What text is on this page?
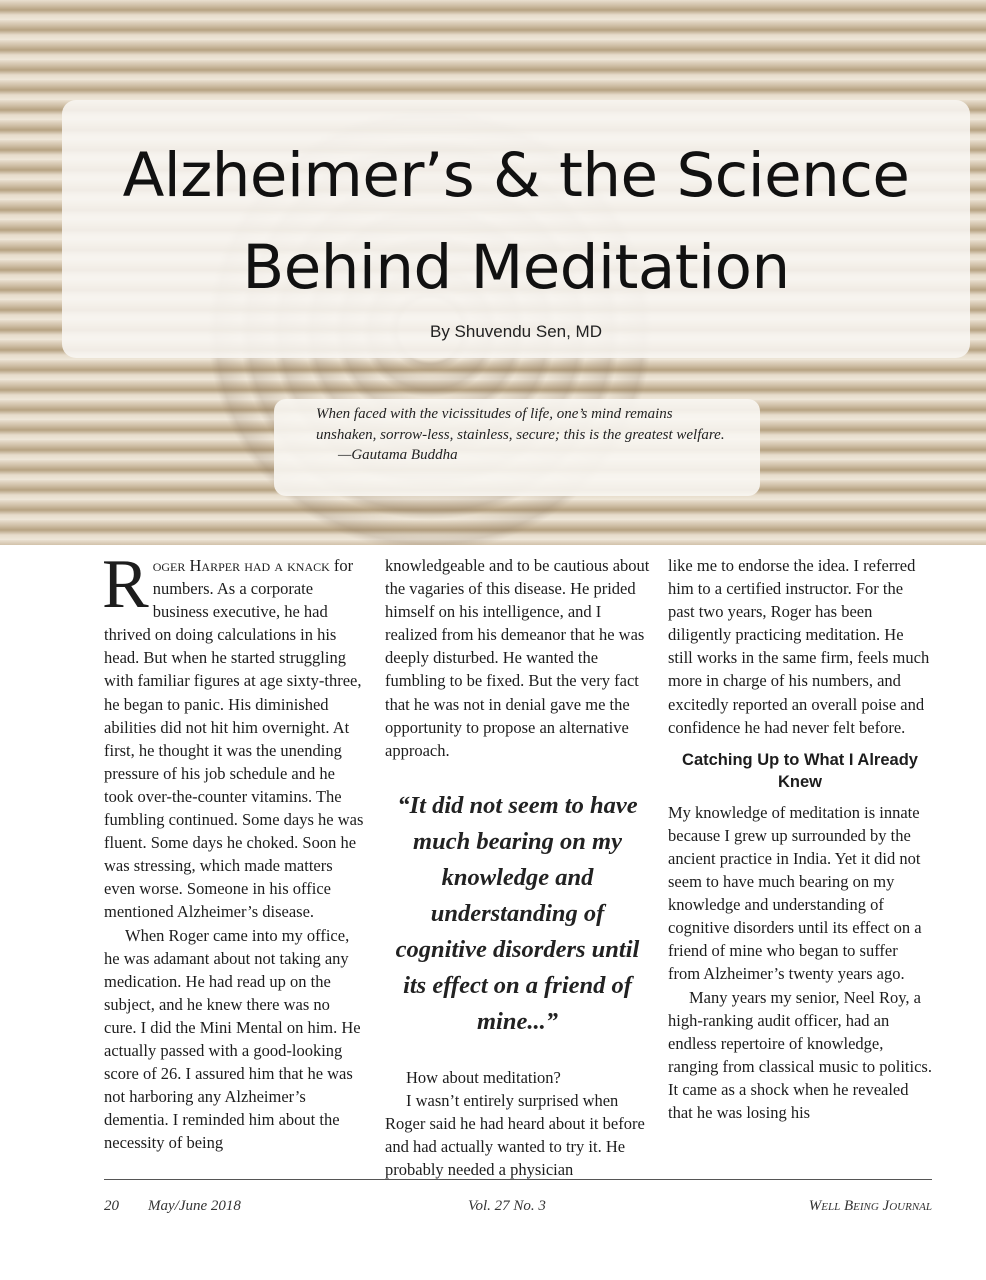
Alzheimer’s & the Science
Behind Meditation
By Shuvendu Sen, MD
When faced with the vicissitudes of life, one’s mind remains unshaken, sorrow-less, stainless, secure; this is the greatest welfare.
—Gautama Buddha

Roger Harper had a knack for numbers. As a corporate business executive, he had thrived on doing calculations in his head. But when he started struggling with familiar figures at age sixty-three, he began to panic. His diminished abilities did not hit him overnight. At first, he thought it was the unending pressure of his job schedule and he took over-the-counter vitamins. The fumbling continued. Some days he was fluent. Some days he choked. Soon he was stressing, which made matters even worse. Someone in his office mentioned Alzheimer’s disease.

When Roger came into my office, he was adamant about not taking any medication. He had read up on the subject, and he knew there was no cure. I did the Mini Mental on him. He actually passed with a good-looking score of 26. I assured him that he was not harboring any Alzheimer’s dementia. I reminded him about the necessity of being

knowledgeable and to be cautious about the vagaries of this disease. He prided himself on his intelligence, and I realized from his demeanor that he was deeply disturbed. He wanted the fumbling to be fixed. But the very fact that he was not in denial gave me the opportunity to propose an alternative approach.

“It did not seem to have much bearing on my knowledge and understanding of cognitive disorders until its effect on a friend of mine...”

How about meditation?

I wasn’t entirely surprised when Roger said he had heard about it before and had actually wanted to try it. He probably needed a physician

like me to endorse the idea. I referred him to a certified instructor. For the past two years, Roger has been diligently practicing meditation. He still works in the same firm, feels much more in charge of his numbers, and excitedly reported an overall poise and confidence he had never felt before.

Catching Up to What I Already Knew

My knowledge of meditation is innate because I grew up surrounded by the ancient practice in India. Yet it did not seem to have much bearing on my knowledge and understanding of cognitive disorders until its effect on a friend of mine who began to suffer from Alzheimer’s twenty years ago.

Many years my senior, Neel Roy, a high-ranking audit officer, had an endless repertoire of knowledge, ranging from classical music to politics. It came as a shock when he revealed that he was losing his

20 May/June 2018	Vol. 27 No. 3	Well Being Journal
